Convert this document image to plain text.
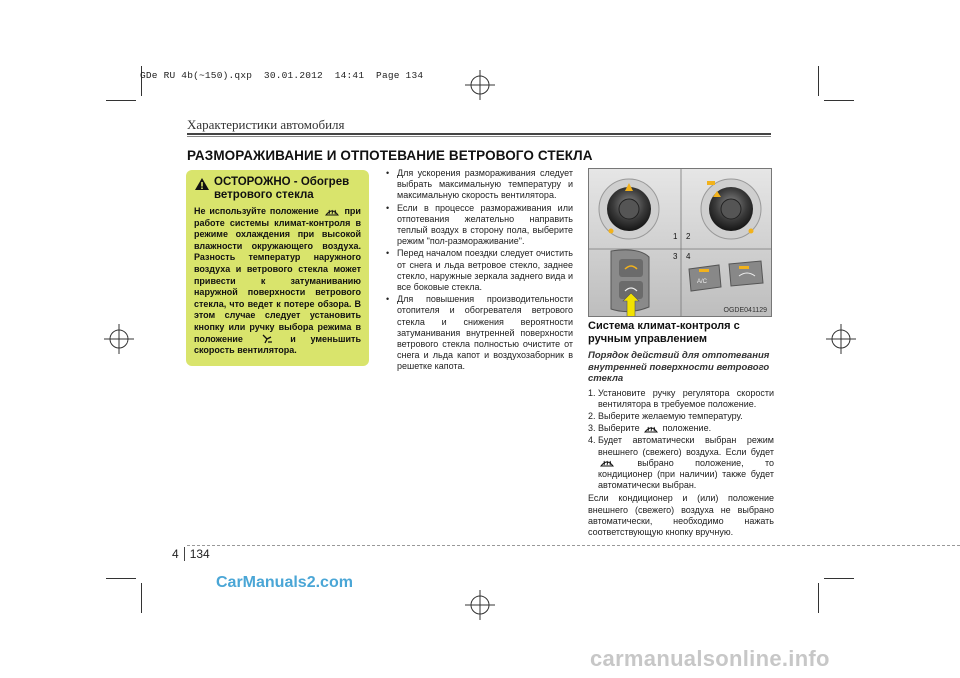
GDe RU 4b(~150).qxp  30.01.2012  14:41  Page 134
Характеристики автомобиля
РАЗМОРАЖИВАНИЕ И ОТПОТЕВАНИЕ ВЕТРОВОГО СТЕКЛА
ОСТОРОЖНО - Обогрев ветрового стекла
Не используйте положение	при работе системы климат-контроля в режиме охлаждения при высокой влажности окружающего воздуха. Разность температур наружного воздуха и ветрового стекла может привести к затуманиванию наружной поверхности ветрового стекла, что ведет к потере обзора. В этом случае следует установить кнопку или ручку выбора режима в положение	и уменьшить скорость вентилятора.
• Для ускорения размораживания следует выбрать максимальную температуру и максимальную скорость вентилятора.
• Если в процессе размораживания или отпотевания желательно направить теплый воздух в сторону пола, выберите режим "пол-размораживание".
• Перед началом поездки следует очистить от снега и льда ветровое стекло, заднее стекло, наружные зеркала заднего вида и все боковые стекла.
• Для повышения производительности отопителя и обогревателя ветрового стекла и снижения вероятности затуманивания внутренней поверхности ветрового стекла полностью очистите от снега и льда капот и воздухозаборник в решетке капота.
1 2
3 4
A/C
OGDE041129
Система климат-контроля с ручным управлением
Порядок действий для отпотевания внутренней поверхности ветрового стекла
1. Установите ручку регулятора скорости вентилятора в требуемое положение.
2. Выберите желаемую температуру.
3. Выберите	положение.
4. Будет автоматически выбран режим внешнего (свежего) воздуха. Если будет  выбрано положение, то кондиционер (при наличии) также будет автоматически выбран.
Если кондиционер и (или) положение внешнего (свежего) воздуха не выбрано автоматически, необходимо нажать соответствующую кнопку вручную.
4 134
CarManuals2.com
carmanualsonline.info
